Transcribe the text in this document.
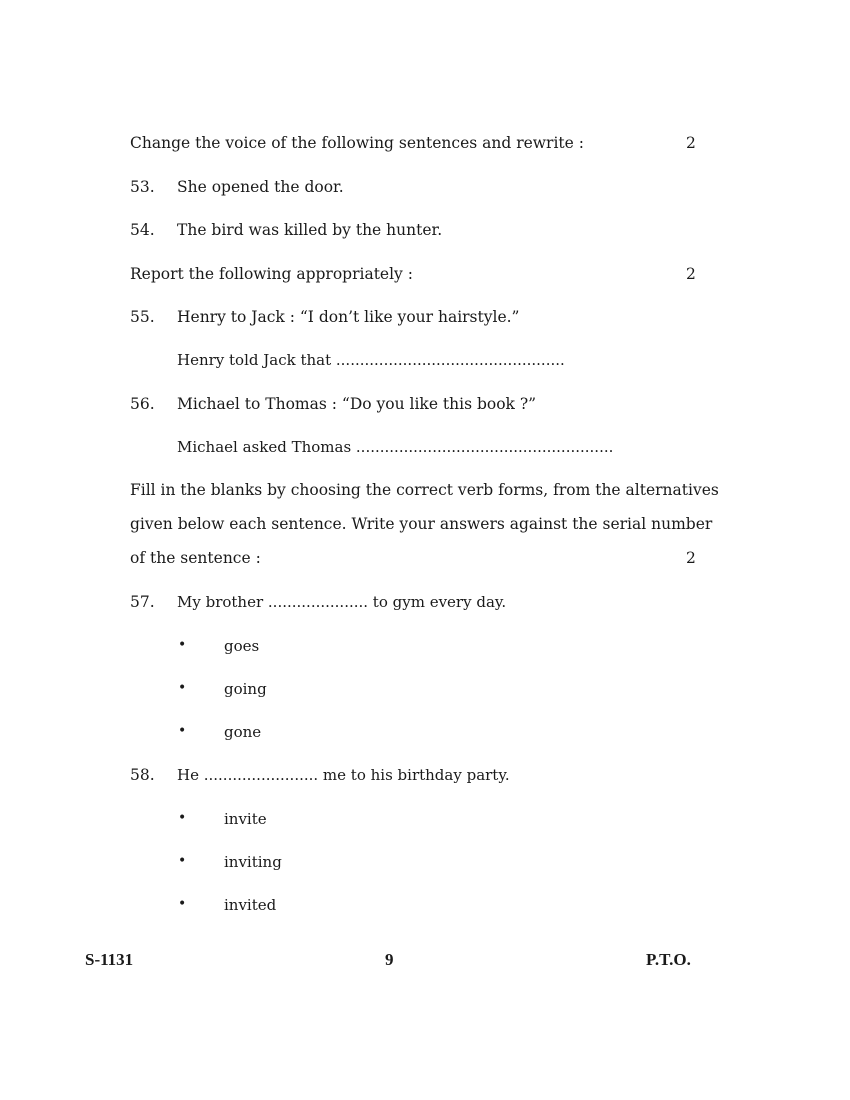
Change the voice of the following sentences and rewrite :	2
53. She opened the door.
54. The bird was killed by the hunter.
Report the following appropriately :	2
55. Henry to Jack : “I don’t like your hairstyle.”
Henry told Jack that ................................................
56. Michael to Thomas : “Do you like this book ?”
Michael asked Thomas ......................................................
Fill in the blanks by choosing the correct verb forms, from the alternatives
given below each sentence. Write your answers against the serial number
of the sentence :	2
57. My brother ..................... to gym every day.
•	goes
•	going
•	gone
58. He ........................ me to his birthday party.
•	invite
•	inviting
•	invited
S-1131	9	P.T.O.
